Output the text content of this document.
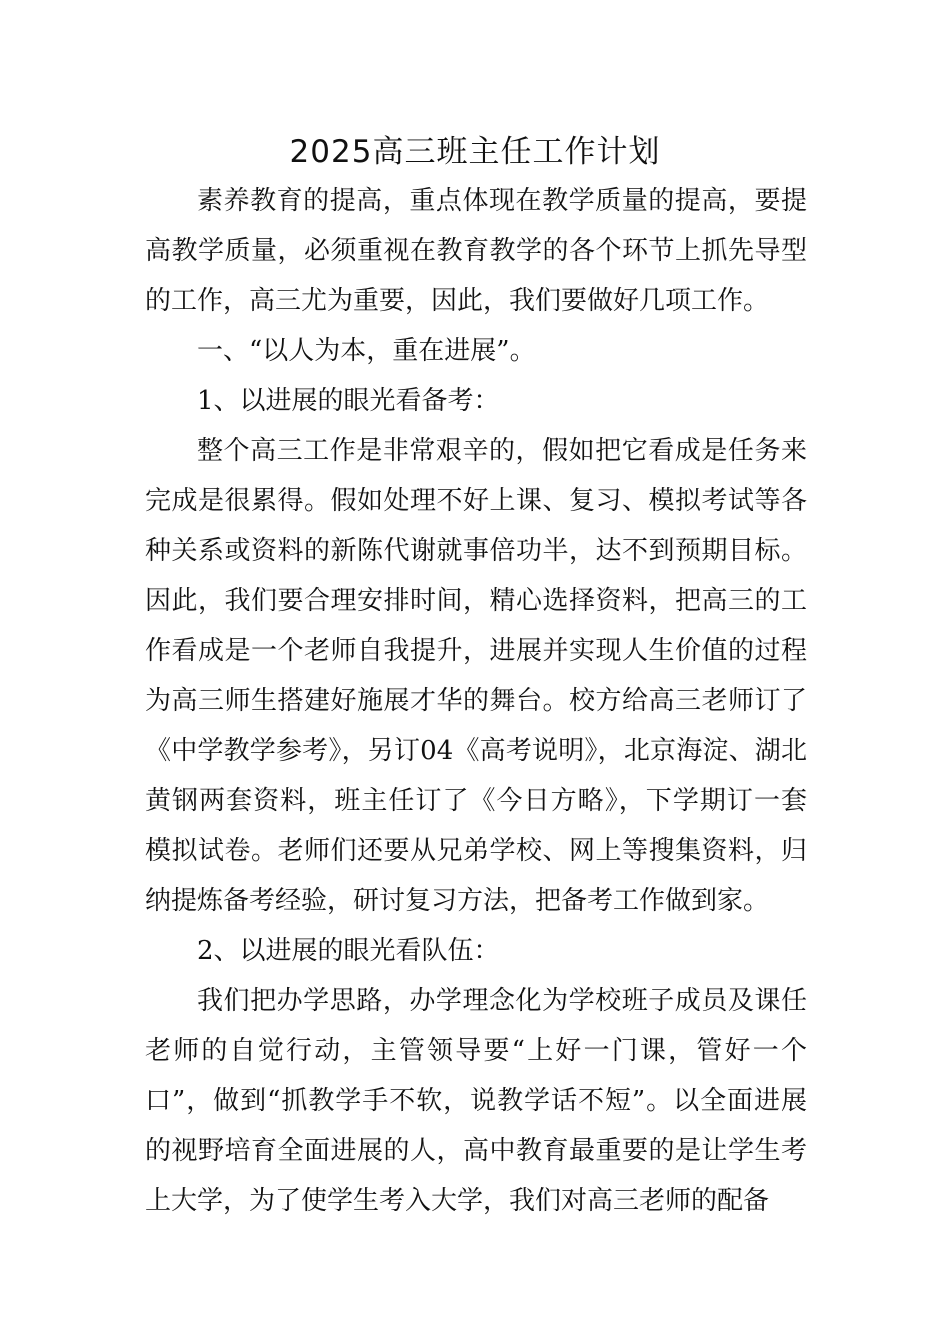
2025高三班主任工作计划

素养教育的提高，重点体现在教学质量的提高，要提高教学质量，必须重视在教育教学的各个环节上抓先导型的工作，高三尤为重要，因此，我们要做好几项工作。

一、“以人为本，重在进展”。

1、以进展的眼光看备考：

整个高三工作是非常艰辛的，假如把它看成是任务来完成是很累得。假如处理不好上课、复习、模拟考试等各种关系或资料的新陈代谢就事倍功半，达不到预期目标。因此，我们要合理安排时间，精心选择资料，把高三的工作看成是一个老师自我提升，进展并实现人生价值的过程为高三师生搭建好施展才华的舞台。校方给高三老师订了《中学教学参考》，另订04《高考说明》，北京海淀、湖北黄钢两套资料，班主任订了《今日方略》，下学期订一套模拟试卷。老师们还要从兄弟学校、网上等搜集资料，归纳提炼备考经验，研讨复习方法，把备考工作做到家。

2、以进展的眼光看队伍：

我们把办学思路，办学理念化为学校班子成员及课任老师的自觉行动，主管领导要“上好一门课，管好一个口”，做到“抓教学手不软，说教学话不短”。以全面进展的视野培育全面进展的人，高中教育最重要的是让学生考上大学，为了使学生考入大学，我们对高三老师的配备
